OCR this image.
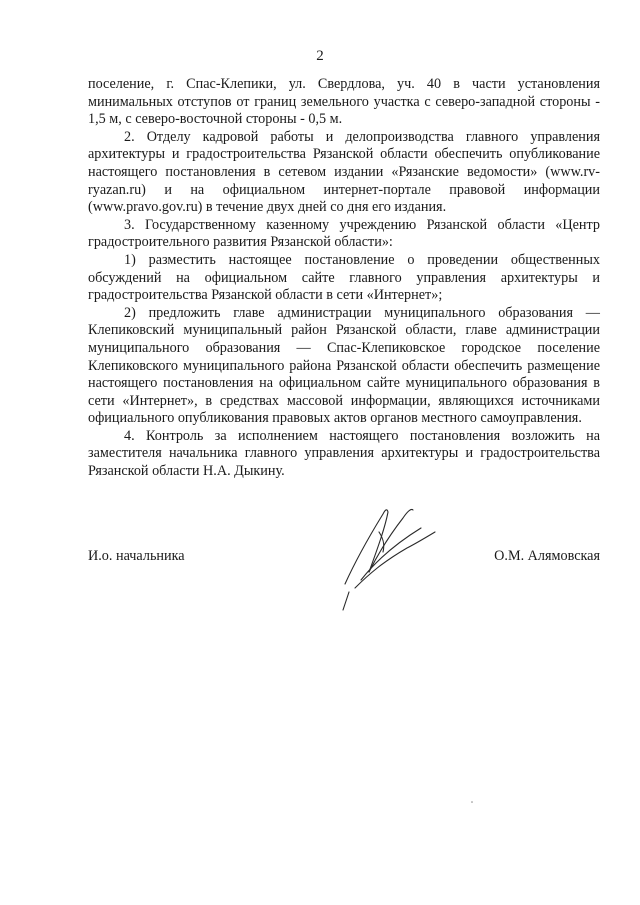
2

поселение, г. Спас-Клепики, ул. Свердлова, уч. 40 в части установления минимальных отступов от границ земельного участка с северо-западной стороны - 1,5 м, с северо-восточной стороны - 0,5 м.

2. Отделу кадровой работы и делопроизводства главного управления архитектуры и градостроительства Рязанской области обеспечить опубликование настоящего постановления в сетевом издании «Рязанские ведомости» (www.rv-ryazan.ru) и на официальном интернет-портале правовой информации (www.pravo.gov.ru) в течение двух дней со дня его издания.

3. Государственному казенному учреждению Рязанской области «Центр градостроительного развития Рязанской области»:

1) разместить настоящее постановление о проведении общественных обсуждений на официальном сайте главного управления архитектуры и градостроительства Рязанской области в сети «Интернет»;

2) предложить главе администрации муниципального образования — Клепиковский муниципальный район Рязанской области, главе администрации муниципального образования — Спас-Клепиковское городское поселение Клепиковского муниципального района Рязанской области обеспечить размещение настоящего постановления на официальном сайте муниципального образования в сети «Интернет», в средствах массовой информации, являющихся источниками официального опубликования правовых актов органов местного самоуправления.

4. Контроль за исполнением настоящего постановления возложить на заместителя начальника главного управления архитектуры и градостроительства Рязанской области Н.А. Дыкину.

И.о. начальника	О.М. Алямовская
